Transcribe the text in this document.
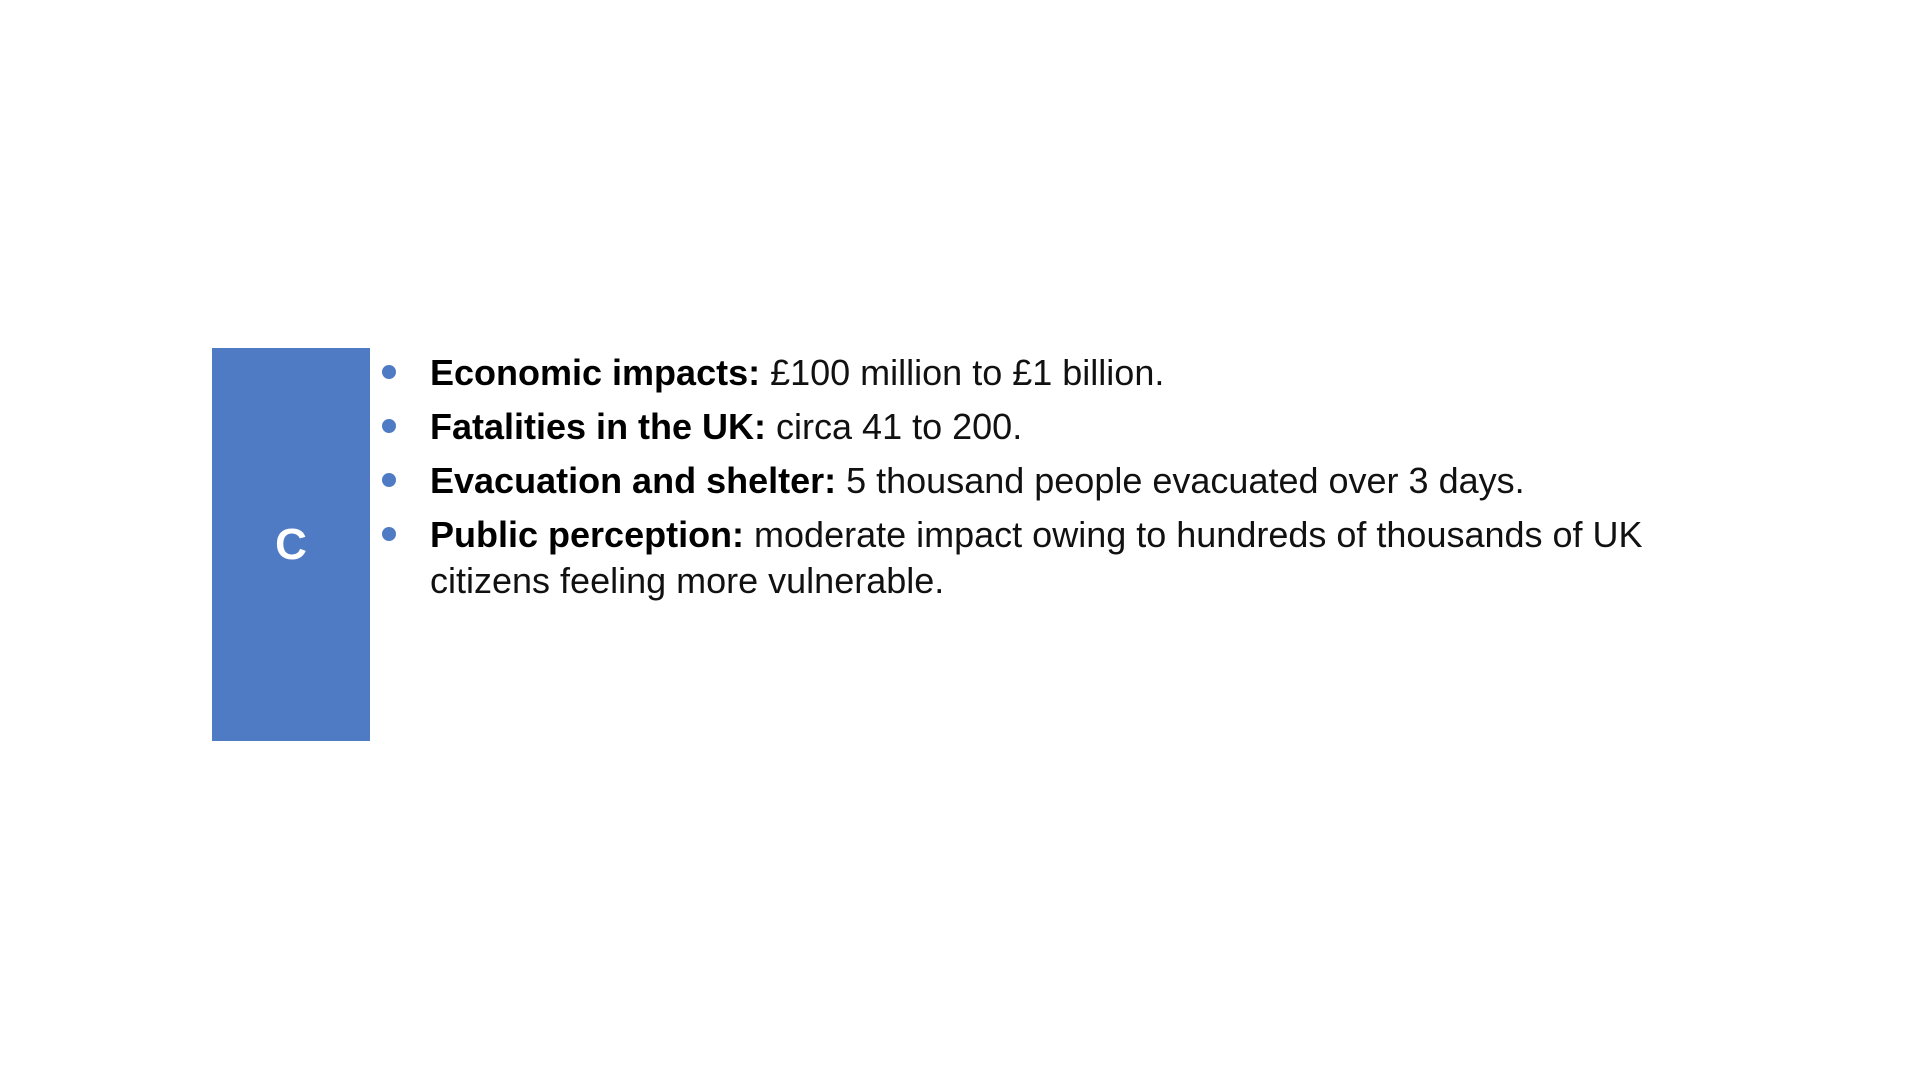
C
Economic impacts: £100 million to £1 billion.
Fatalities in the UK: circa 41 to 200.
Evacuation and shelter: 5 thousand people evacuated over 3 days.
Public perception: moderate impact owing to hundreds of thousands of UK citizens feeling more vulnerable.
